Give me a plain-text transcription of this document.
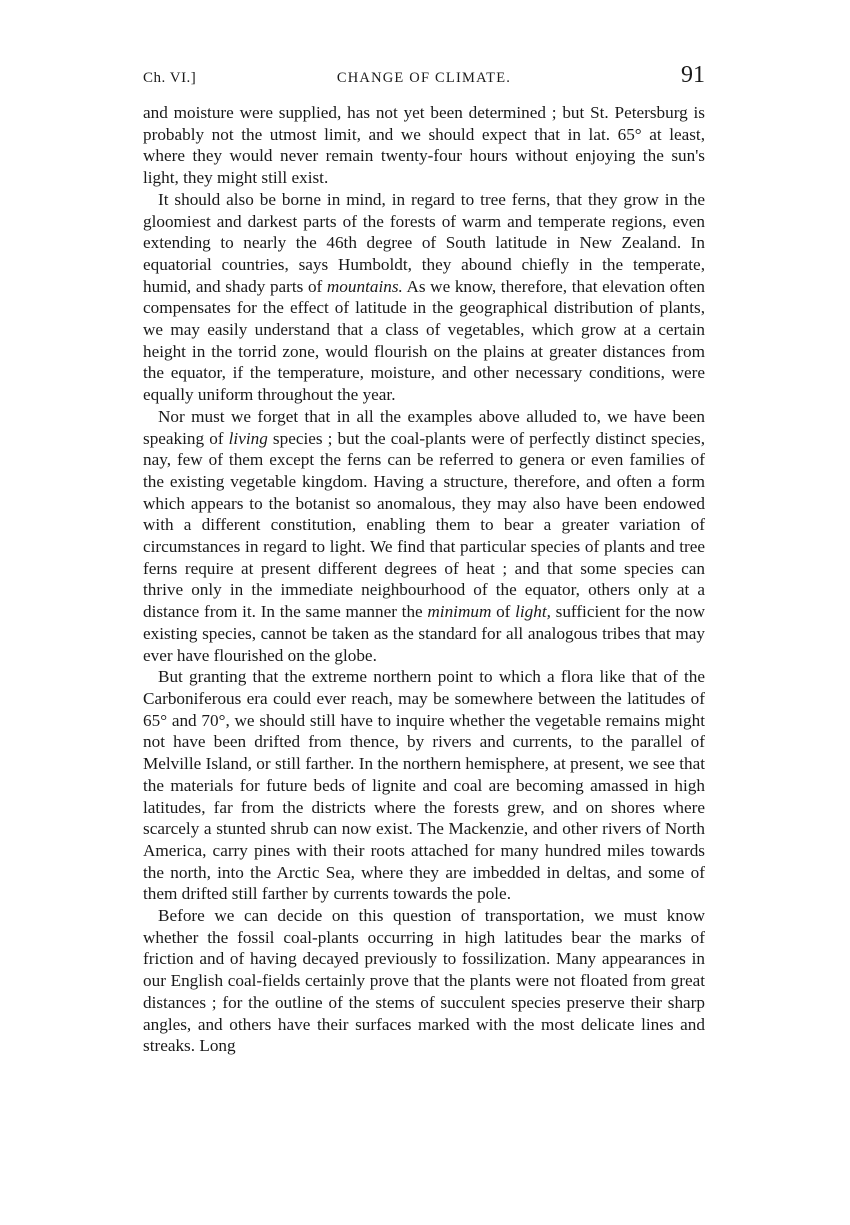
Ch. VI.]	CHANGE OF CLIMATE.	91

and moisture were supplied, has not yet been determined ; but St. Petersburg is probably not the utmost limit, and we should expect that in lat. 65° at least, where they would never remain twenty-four hours without enjoying the sun's light, they might still exist.

It should also be borne in mind, in regard to tree ferns, that they grow in the gloomiest and darkest parts of the forests of warm and temperate regions, even extending to nearly the 46th degree of South latitude in New Zealand. In equatorial countries, says Humboldt, they abound chiefly in the temperate, humid, and shady parts of mountains. As we know, therefore, that elevation often compensates for the effect of latitude in the geographical distribution of plants, we may easily understand that a class of vegetables, which grow at a certain height in the torrid zone, would flourish on the plains at greater distances from the equator, if the temperature, moisture, and other necessary conditions, were equally uniform throughout the year.

Nor must we forget that in all the examples above alluded to, we have been speaking of living species ; but the coal-plants were of perfectly distinct species, nay, few of them except the ferns can be referred to genera or even families of the existing vegetable kingdom. Having a structure, therefore, and often a form which appears to the botanist so anomalous, they may also have been endowed with a different constitution, enabling them to bear a greater variation of circumstances in regard to light. We find that particular species of plants and tree ferns require at present different degrees of heat ; and that some species can thrive only in the immediate neighbourhood of the equator, others only at a distance from it. In the same manner the minimum of light, sufficient for the now existing species, cannot be taken as the standard for all analogous tribes that may ever have flourished on the globe.

But granting that the extreme northern point to which a flora like that of the Carboniferous era could ever reach, may be somewhere between the latitudes of 65° and 70°, we should still have to inquire whether the vegetable remains might not have been drifted from thence, by rivers and currents, to the parallel of Melville Island, or still farther. In the northern hemisphere, at present, we see that the materials for future beds of lignite and coal are becoming amassed in high latitudes, far from the districts where the forests grew, and on shores where scarcely a stunted shrub can now exist. The Mackenzie, and other rivers of North America, carry pines with their roots attached for many hundred miles towards the north, into the Arctic Sea, where they are imbedded in deltas, and some of them drifted still farther by currents towards the pole.

Before we can decide on this question of transportation, we must know whether the fossil coal-plants occurring in high latitudes bear the marks of friction and of having decayed previously to fossilization. Many appearances in our English coal-fields certainly prove that the plants were not floated from great distances ; for the outline of the stems of succulent species preserve their sharp angles, and others have their surfaces marked with the most delicate lines and streaks. Long
